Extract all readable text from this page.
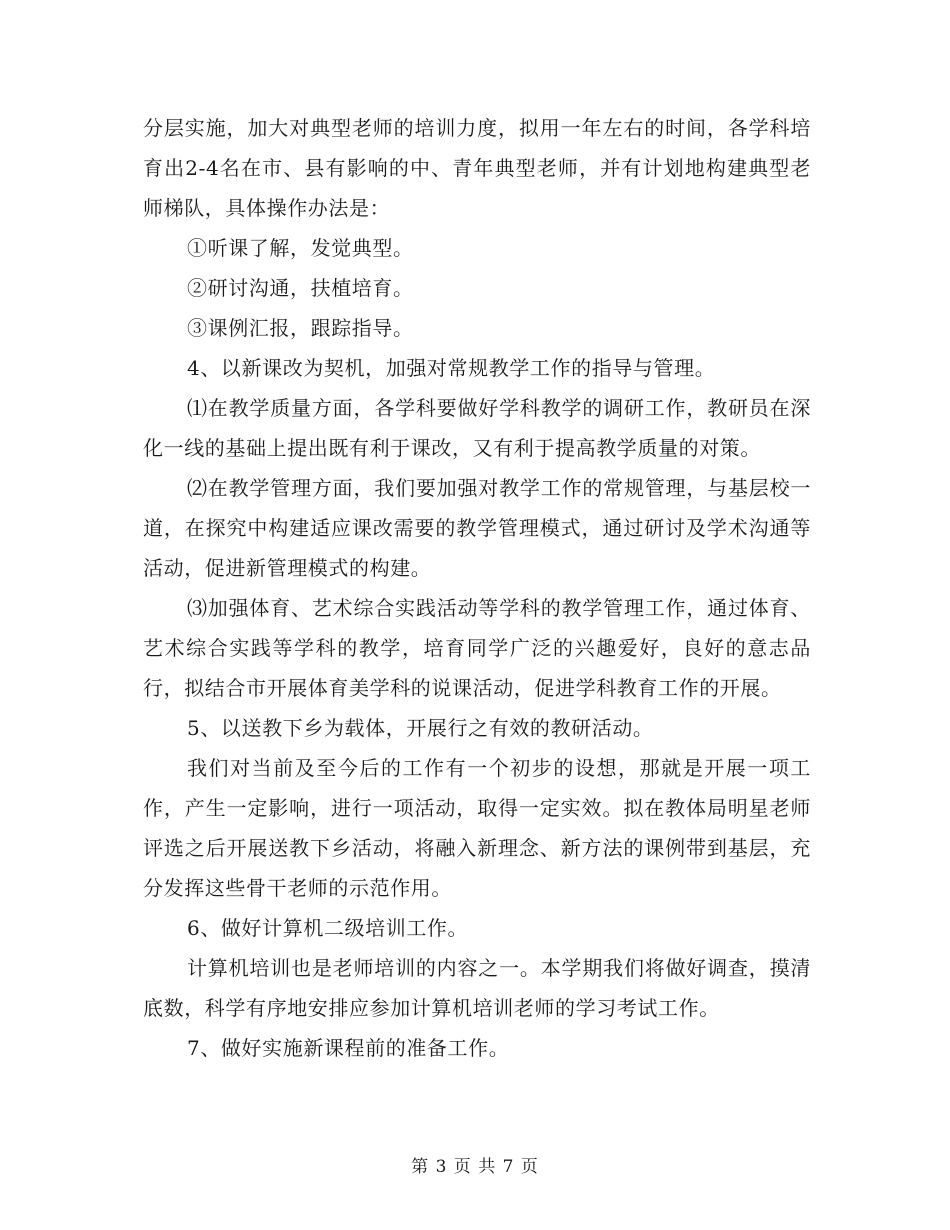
分层实施，加大对典型老师的培训力度，拟用一年左右的时间，各学科培育出2-4名在市、县有影响的中、青年典型老师，并有计划地构建典型老师梯队，具体操作办法是：

①听课了解，发觉典型。

②研讨沟通，扶植培育。

③课例汇报，跟踪指导。

4、以新课改为契机，加强对常规教学工作的指导与管理。

⑴在教学质量方面，各学科要做好学科教学的调研工作，教研员在深化一线的基础上提出既有利于课改，又有利于提高教学质量的对策。

⑵在教学管理方面，我们要加强对教学工作的常规管理，与基层校一道，在探究中构建适应课改需要的教学管理模式，通过研讨及学术沟通等活动，促进新管理模式的构建。

⑶加强体育、艺术综合实践活动等学科的教学管理工作，通过体育、艺术综合实践等学科的教学，培育同学广泛的兴趣爱好，良好的意志品行，拟结合市开展体育美学科的说课活动，促进学科教育工作的开展。

5、以送教下乡为载体，开展行之有效的教研活动。

我们对当前及至今后的工作有一个初步的设想，那就是开展一项工作，产生一定影响，进行一项活动，取得一定实效。拟在教体局明星老师评选之后开展送教下乡活动，将融入新理念、新方法的课例带到基层，充分发挥这些骨干老师的示范作用。

6、做好计算机二级培训工作。

计算机培训也是老师培训的内容之一。本学期我们将做好调查，摸清底数，科学有序地安排应参加计算机培训老师的学习考试工作。

7、做好实施新课程前的准备工作。

第 3 页 共 7 页
